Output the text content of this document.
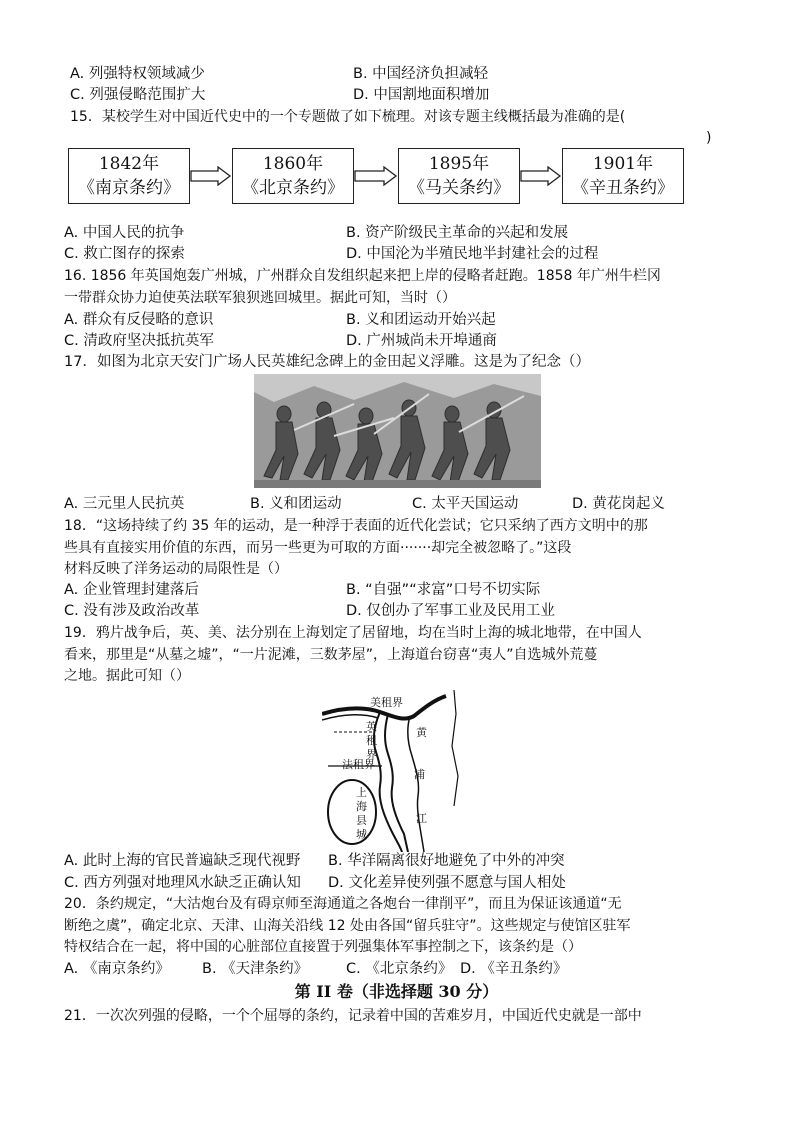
A. 列强特权领域减少	B. 中国经济负担减轻
C. 列强侵略范围扩大	D. 中国割地面积增加
15．某校学生对中国近代史中的一个专题做了如下梳理。对该专题主线概括最为准确的是(
)
1842年
《南京条约》
1860年
《北京条约》
1895年
《马关条约》
1901年
《辛丑条约》
A. 中国人民的抗争	B. 资产阶级民主革命的兴起和发展
C. 救亡图存的探索	D. 中国沦为半殖民地半封建社会的过程
16. 1856 年英国炮轰广州城，广州群众自发组织起来把上岸的侵略者赶跑。1858 年广州牛栏冈
一带群众协力迫使英法联军狼狈逃回城里。据此可知，当时（）
A. 群众有反侵略的意识	B. 义和团运动开始兴起
C. 清政府坚决抵抗英军	D. 广州城尚未开埠通商
17．如图为北京天安门广场人民英雄纪念碑上的金田起义浮雕。这是为了纪念（）
A. 三元里人民抗英	B. 义和团运动	C. 太平天国运动	D. 黄花岗起义
18．“这场持续了约 35 年的运动，是一种浮于表面的近代化尝试；它只采纳了西方文明中的那
些具有直接实用价值的东西，而另一些更为可取的方面·······却完全被忽略了。”这段
材料反映了洋务运动的局限性是（）
A. 企业管理封建落后	B. “自强”“求富”口号不切实际
C. 没有涉及政治改革	D. 仅创办了军事工业及民用工业
19．鸦片战争后，英、美、法分别在上海划定了居留地，均在当时上海的城北地带，在中国人
看来，那里是“从墓之墟”，“一片泥滩，三数茅屋”，上海道台窃喜“夷人”自选城外荒蔓
之地。据此可知（）
美租界
英
租
界
黄
法租界
浦
上
海
县
城
江
A. 此时上海的官民普遍缺乏现代视野 B. 华洋隔离很好地避免了中外的冲突
C. 西方列强对地理风水缺乏正确认知 D. 文化差异使列强不愿意与国人相处
20．条约规定，“大沽炮台及有碍京师至海通道之各炮台一律削平”，而且为保证该通道“无
断绝之虞”，确定北京、天津、山海关沿线 12 处由各国“留兵驻守”。这些规定与使馆区驻军
特权结合在一起，将中国的心脏部位直接置于列强集体军事控制之下，该条约是（）
A. 《南京条约》 B. 《天津条约》	C. 《北京条约》 D. 《辛丑条约》
第 II 卷（非选择题 30 分）
21．一次次列强的侵略，一个个屈辱的条约，记录着中国的苦难岁月，中国近代史就是一部中
